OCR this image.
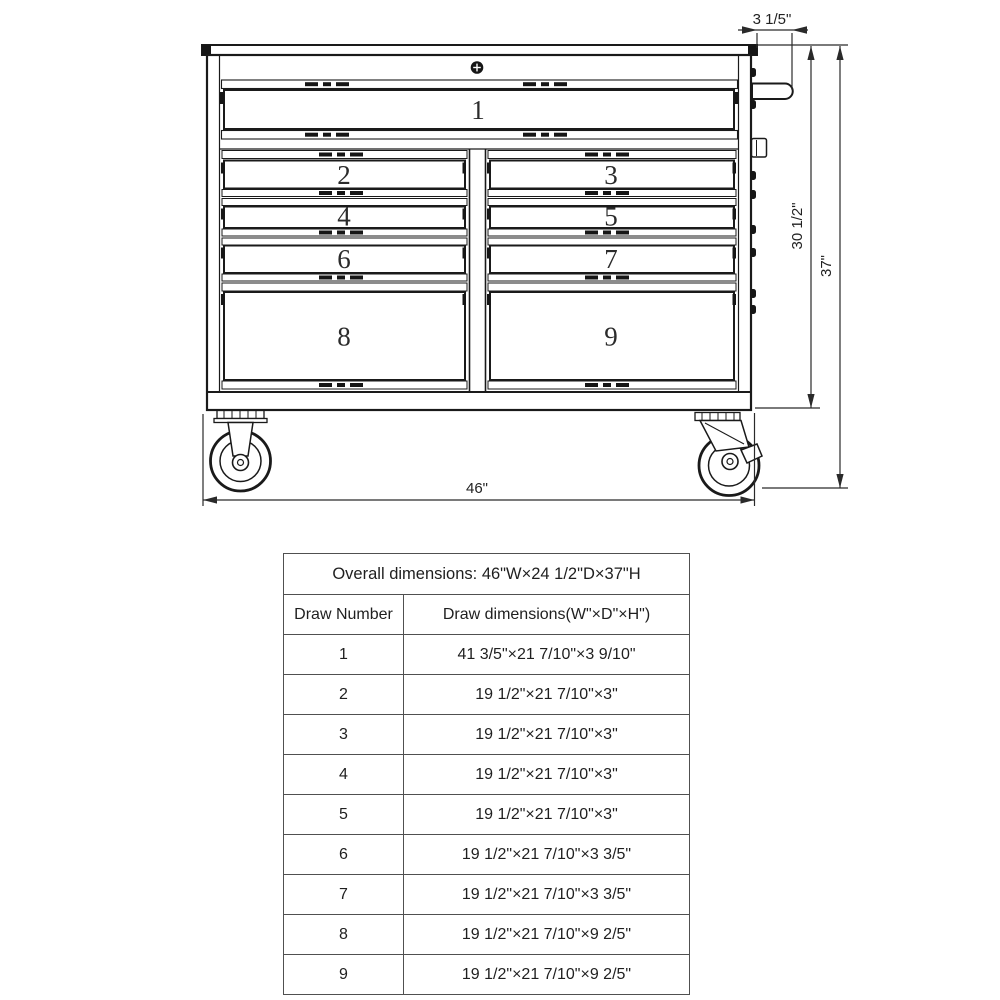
1
2
4
6
8
3
5
7
9
3 1/5"
30 1/2"
37"
46"
Overall dimensions: 46"W×24 1/2"D×37"H	
Draw Number	Draw dimensions(W"×D"×H")
1	41 3/5"×21 7/10"×3 9/10"
2	19 1/2"×21 7/10"×3"
3	19 1/2"×21 7/10"×3"
4	19 1/2"×21 7/10"×3"
5	19 1/2"×21 7/10"×3"
6	19 1/2"×21 7/10"×3 3/5"
7	19 1/2"×21 7/10"×3 3/5"
8	19 1/2"×21 7/10"×9 2/5"
9	19 1/2"×21 7/10"×9 2/5"
